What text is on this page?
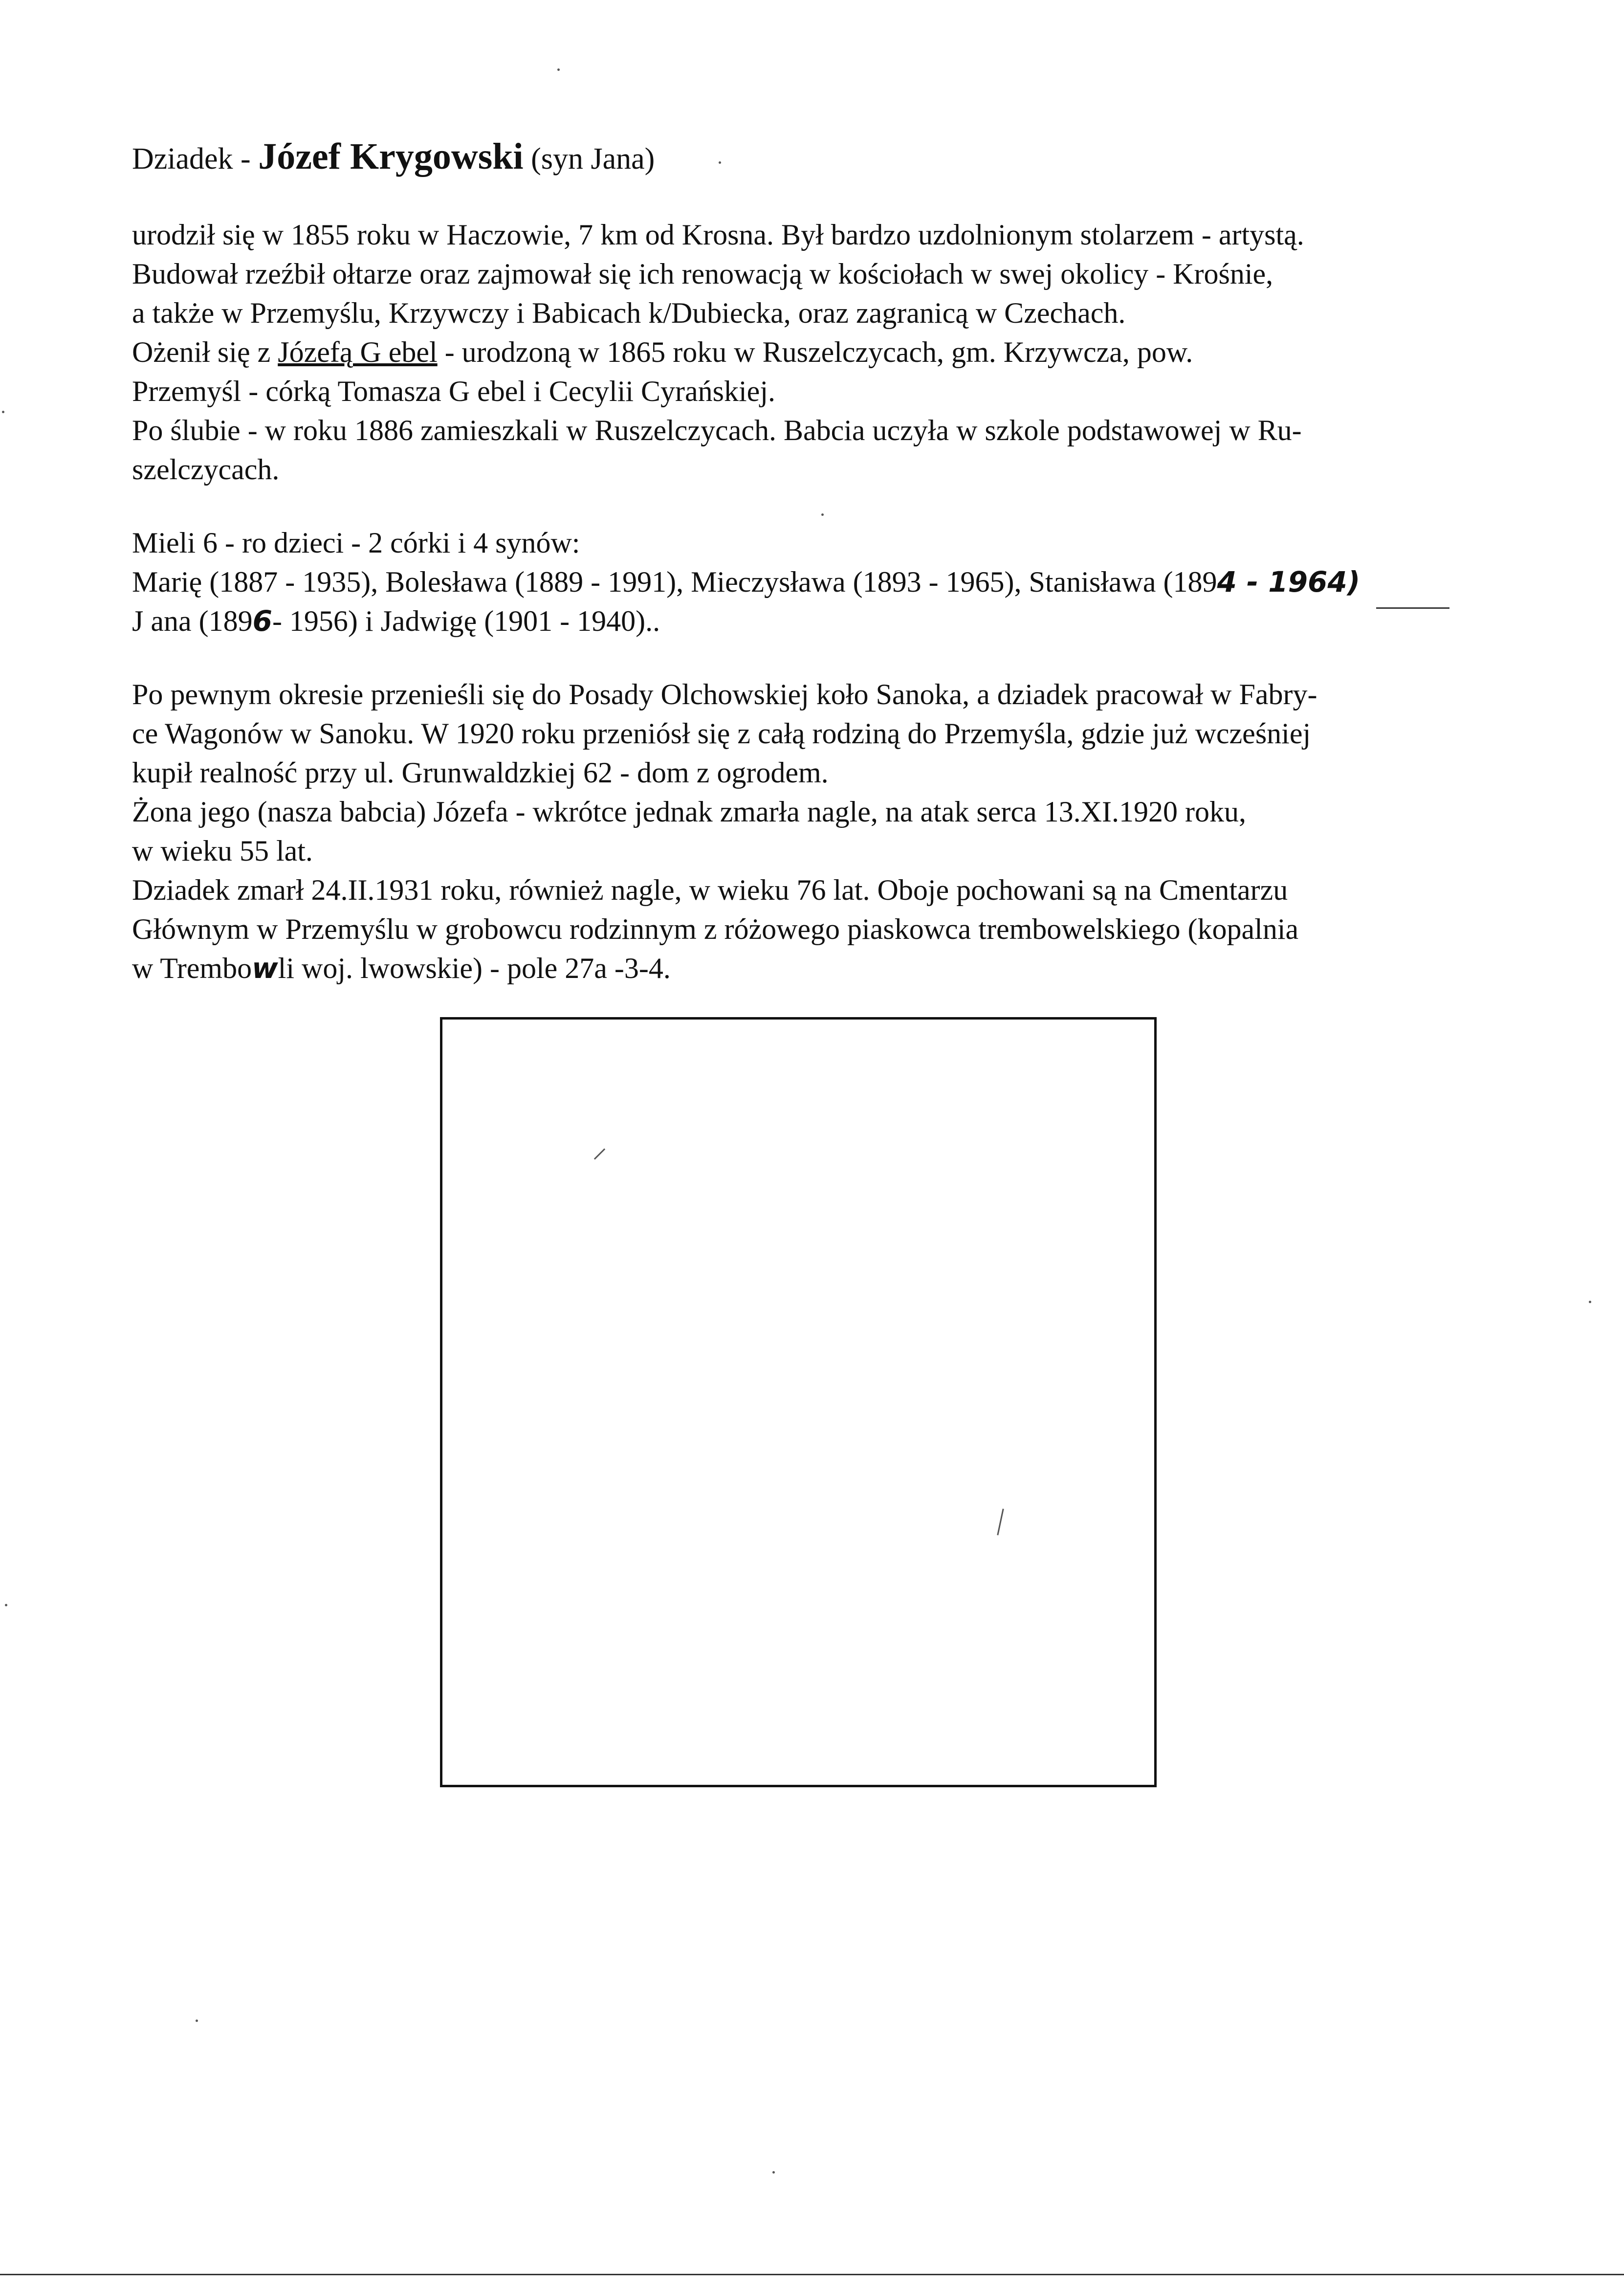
Dziadek - Józef Krygowski (syn Jana)
urodził się w 1855 roku w Haczowie, 7 km od Krosna. Był bardzo uzdolnionym stolarzem - artystą.
Budował rzeźbił ołtarze oraz zajmował się ich renowacją w kościołach w swej okolicy - Krośnie,
a także w Przemyślu, Krzywczy i Babicach k/Dubiecka, oraz zagranicą w Czechach.
Ożenił się z Józefą G ebel - urodzoną w 1865 roku w Ruszelczycach, gm. Krzywcza, pow.
Przemyśl - córką Tomasza G ebel i Cecylii Cyrańskiej.
Po ślubie - w roku 1886 zamieszkali w Ruszelczycach. Babcia uczyła w szkole podstawowej w Ru-
szelczycach.
Mieli 6 - ro dzieci - 2 córki i 4 synów:
Marię (1887 - 1935), Bolesława (1889 - 1991), Mieczysława (1893 - 1965), Stanisława (1894 - 1964)
J ana (1896- 1956) i Jadwigę (1901 - 1940)..
Po pewnym okresie przenieśli się do Posady Olchowskiej koło Sanoka, a dziadek pracował w Fabry-
ce Wagonów w Sanoku. W 1920 roku przeniósł się z całą rodziną do Przemyśla, gdzie już wcześniej
kupił realność przy ul. Grunwaldzkiej 62 - dom z ogrodem.
Żona jego (nasza babcia) Józefa - wkrótce jednak zmarła nagle, na atak serca 13.XI.1920 roku,
w wieku 55 lat.
Dziadek zmarł 24.II.1931 roku, również nagle, w wieku 76 lat. Oboje pochowani są na Cmentarzu
Głównym w Przemyślu w grobowcu rodzinnym z różowego piaskowca trembowelskiego (kopalnia
w Trembowli woj. lwowskie) - pole 27a -3-4.
